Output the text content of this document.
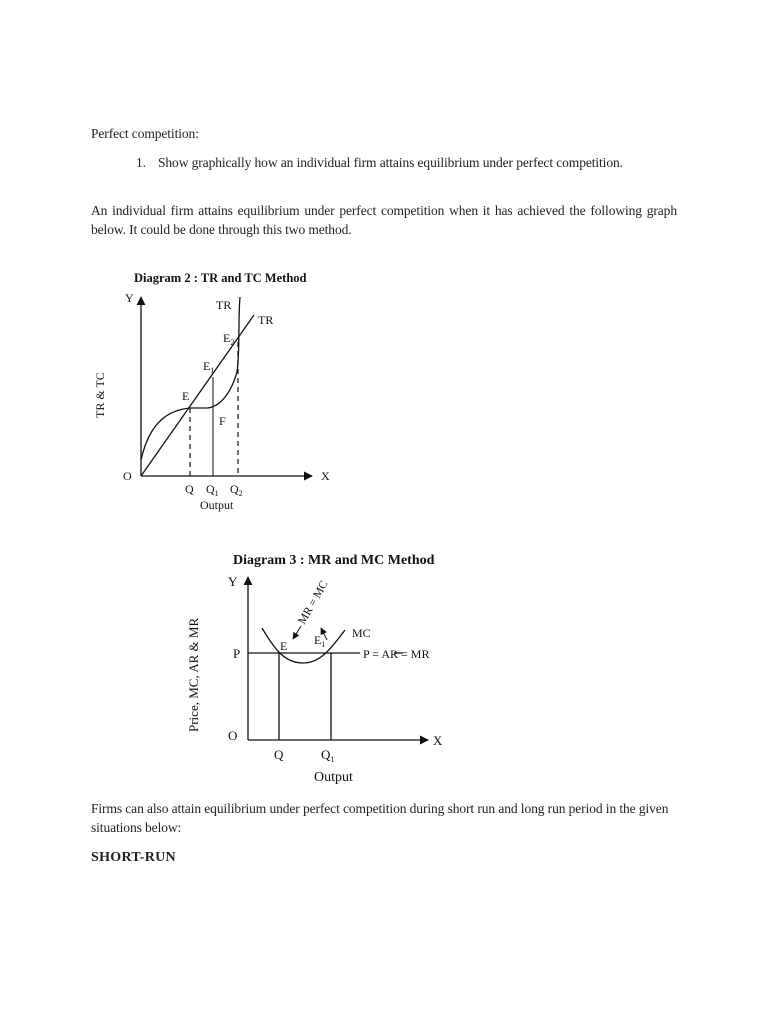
Perfect competition:
1. Show graphically how an individual firm attains equilibrium under perfect competition.
An individual firm attains equilibrium under perfect competition when it has achieved the following graph below. It could be done through this two method.
Diagram 2 : TR and TC Method
Y
X
O
TR & TC
Output
TR
TR
$E_2$
$E_1$
E
F
Q $Q_1$ $Q_2$
Diagram 3 : MR and MC Method
Y
X
O
Price, MC, AR & MR
Output
P	P = AR = MR
MC
E $E_1$
MR = MC
Q	$Q_1$
Firms can also attain equilibrium under perfect competition during short run and long run period in the given situations below:
SHORT-RUN
